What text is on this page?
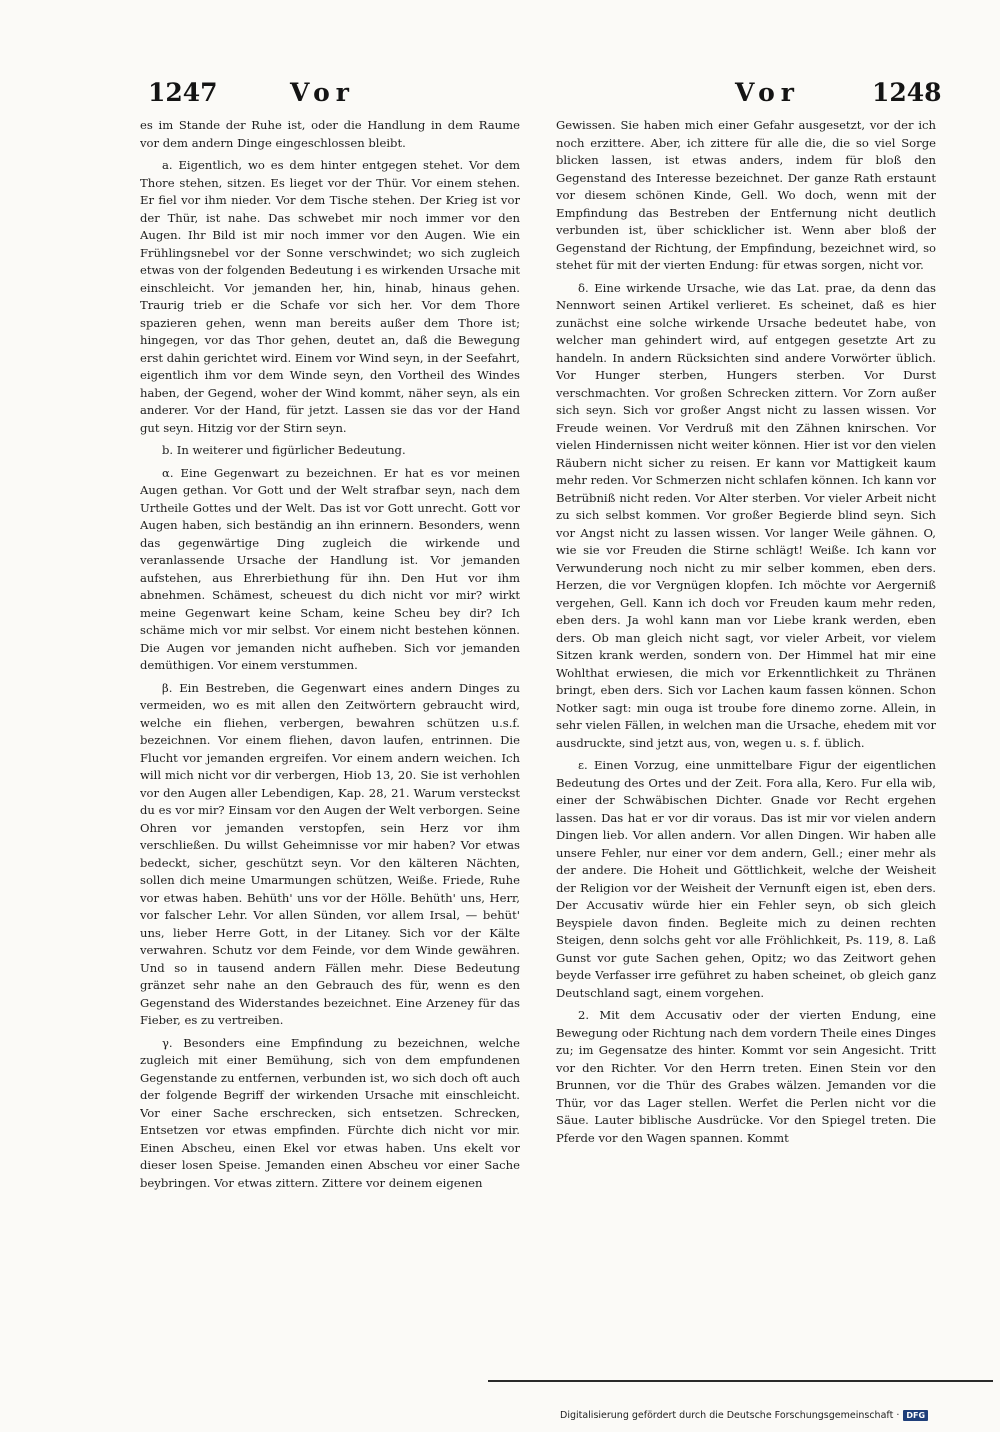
1247	Vor	Vor	1248

es im Stande der Ruhe ist, oder die Handlung in dem Raume vor dem andern Dinge eingeschlossen bleibt.

a. Eigentlich, wo es dem hinter entgegen stehet. Vor dem Thore stehen, sitzen. Es lieget vor der Thür. Vor einem stehen. Er fiel vor ihm nieder. Vor dem Tische stehen. Der Krieg ist vor der Thür, ist nahe. Das schwebet mir noch immer vor den Augen. Ihr Bild ist mir noch immer vor den Augen. Wie ein Frühlingsnebel vor der Sonne verschwindet; wo sich zugleich etwas von der folgenden Bedeutung i es wirkenden Ursache mit einschleicht. Vor jemanden her, hin, hinab, hinaus gehen. Traurig trieb er die Schafe vor sich her. Vor dem Thore spazieren gehen, wenn man bereits außer dem Thore ist; hingegen, vor das Thor gehen, deutet an, daß die Bewegung erst dahin gerichtet wird. Einem vor Wind seyn, in der Seefahrt, eigentlich ihm vor dem Winde seyn, den Vortheil des Windes haben, der Gegend, woher der Wind kommt, näher seyn, als ein anderer. Vor der Hand, für jetzt. Lassen sie das vor der Hand gut seyn. Hitzig vor der Stirn seyn.

b. In weiterer und figürlicher Bedeutung.

α. Eine Gegenwart zu bezeichnen. Er hat es vor meinen Augen gethan. Vor Gott und der Welt strafbar seyn, nach dem Urtheile Gottes und der Welt. Das ist vor Gott unrecht. Gott vor Augen haben, sich beständig an ihn erinnern. Besonders, wenn das gegenwärtige Ding zugleich die wirkende und veranlassende Ursache der Handlung ist. Vor jemanden aufstehen, aus Ehrerbiethung für ihn. Den Hut vor ihm abnehmen. Schämest, scheuest du dich nicht vor mir? wirkt meine Gegenwart keine Scham, keine Scheu bey dir? Ich schäme mich vor mir selbst. Vor einem nicht bestehen können. Die Augen vor jemanden nicht aufheben. Sich vor jemanden demüthigen. Vor einem verstummen.

β. Ein Bestreben, die Gegenwart eines andern Dinges zu vermeiden, wo es mit allen den Zeitwörtern gebraucht wird, welche ein fliehen, verbergen, bewahren schützen u.s.f. bezeichnen. Vor einem fliehen, davon laufen, entrinnen. Die Flucht vor jemanden ergreifen. Vor einem andern weichen. Ich will mich nicht vor dir verbergen, Hiob 13, 20. Sie ist verhohlen vor den Augen aller Lebendigen, Kap. 28, 21. Warum versteckst du es vor mir? Einsam vor den Augen der Welt verborgen. Seine Ohren vor jemanden verstopfen, sein Herz vor ihm verschließen. Du willst Geheimnisse vor mir haben? Vor etwas bedeckt, sicher, geschützt seyn. Vor den kälteren Nächten, sollen dich meine Umarmungen schützen, Weiße. Friede, Ruhe vor etwas haben. Behüth' uns vor der Hölle. Behüth' uns, Herr, vor falscher Lehr. Vor allen Sünden, vor allem Irsal, — behüt' uns, lieber Herre Gott, in der Litaney. Sich vor der Kälte verwahren. Schutz vor dem Feinde, vor dem Winde gewähren. Und so in tausend andern Fällen mehr. Diese Bedeutung gränzet sehr nahe an den Gebrauch des für, wenn es den Gegenstand des Widerstandes bezeichnet. Eine Arzeney für das Fieber, es zu vertreiben.

γ. Besonders eine Empfindung zu bezeichnen, welche zugleich mit einer Bemühung, sich von dem empfundenen Gegenstande zu entfernen, verbunden ist, wo sich doch oft auch der folgende Begriff der wirkenden Ursache mit einschleicht. Vor einer Sache erschrecken, sich entsetzen. Schrecken, Entsetzen vor etwas empfinden. Fürchte dich nicht vor mir. Einen Abscheu, einen Ekel vor etwas haben. Uns ekelt vor dieser losen Speise. Jemanden einen Abscheu vor einer Sache beybringen. Vor etwas zittern. Zittere vor deinem eigenen

Gewissen. Sie haben mich einer Gefahr ausgesetzt, vor der ich noch erzittere. Aber, ich zittere für alle die, die so viel Sorge blicken lassen, ist etwas anders, indem für bloß den Gegenstand des Interesse bezeichnet. Der ganze Rath erstaunt vor diesem schönen Kinde, Gell. Wo doch, wenn mit der Empfindung das Bestreben der Entfernung nicht deutlich verbunden ist, über schicklicher ist. Wenn aber bloß der Gegenstand der Richtung, der Empfindung, bezeichnet wird, so stehet für mit der vierten Endung: für etwas sorgen, nicht vor.

δ. Eine wirkende Ursache, wie das Lat. prae, da denn das Nennwort seinen Artikel verlieret. Es scheinet, daß es hier zunächst eine solche wirkende Ursache bedeutet habe, von welcher man gehindert wird, auf entgegen gesetzte Art zu handeln. In andern Rücksichten sind andere Vorwörter üblich. Vor Hunger sterben, Hungers sterben. Vor Durst verschmachten. Vor großen Schrecken zittern. Vor Zorn außer sich seyn. Sich vor großer Angst nicht zu lassen wissen. Vor Freude weinen. Vor Verdruß mit den Zähnen knirschen. Vor vielen Hindernissen nicht weiter können. Hier ist vor den vielen Räubern nicht sicher zu reisen. Er kann vor Mattigkeit kaum mehr reden. Vor Schmerzen nicht schlafen können. Ich kann vor Betrübniß nicht reden. Vor Alter sterben. Vor vieler Arbeit nicht zu sich selbst kommen. Vor großer Begierde blind seyn. Sich vor Angst nicht zu lassen wissen. Vor langer Weile gähnen. O, wie sie vor Freuden die Stirne schlägt! Weiße. Ich kann vor Verwunderung noch nicht zu mir selber kommen, eben ders. Herzen, die vor Vergnügen klopfen. Ich möchte vor Aergerniß vergehen, Gell. Kann ich doch vor Freuden kaum mehr reden, eben ders. Ja wohl kann man vor Liebe krank werden, eben ders. Ob man gleich nicht sagt, vor vieler Arbeit, vor vielem Sitzen krank werden, sondern von. Der Himmel hat mir eine Wohlthat erwiesen, die mich vor Erkenntlichkeit zu Thränen bringt, eben ders. Sich vor Lachen kaum fassen können. Schon Notker sagt: min ouga ist troube fore dinemo zorne. Allein, in sehr vielen Fällen, in welchen man die Ursache, ehedem mit vor ausdruckte, sind jetzt aus, von, wegen u. s. f. üblich.

ε. Einen Vorzug, eine unmittelbare Figur der eigentlichen Bedeutung des Ortes und der Zeit. Fora alla, Kero. Fur ella wib, einer der Schwäbischen Dichter. Gnade vor Recht ergehen lassen. Das hat er vor dir voraus. Das ist mir vor vielen andern Dingen lieb. Vor allen andern. Vor allen Dingen. Wir haben alle unsere Fehler, nur einer vor dem andern, Gell.; einer mehr als der andere. Die Hoheit und Göttlichkeit, welche der Weisheit der Religion vor der Weisheit der Vernunft eigen ist, eben ders. Der Accusativ würde hier ein Fehler seyn, ob sich gleich Beyspiele davon finden. Begleite mich zu deinen rechten Steigen, denn solchs geht vor alle Fröhlichkeit, Ps. 119, 8. Laß Gunst vor gute Sachen gehen, Opitz; wo das Zeitwort gehen beyde Verfasser irre geführet zu haben scheinet, ob gleich ganz Deutschland sagt, einem vorgehen.

2. Mit dem Accusativ oder der vierten Endung, eine Bewegung oder Richtung nach dem vordern Theile eines Dinges zu; im Gegensatze des hinter. Kommt vor sein Angesicht. Tritt vor den Richter. Vor den Herrn treten. Einen Stein vor den Brunnen, vor die Thür des Grabes wälzen. Jemanden vor die Thür, vor das Lager stellen. Werfet die Perlen nicht vor die Säue. Lauter biblische Ausdrücke. Vor den Spiegel treten. Die Pferde vor den Wagen spannen. Kommt

Digitalisierung gefördert durch die Deutsche Forschungsgemeinschaft · DFG
